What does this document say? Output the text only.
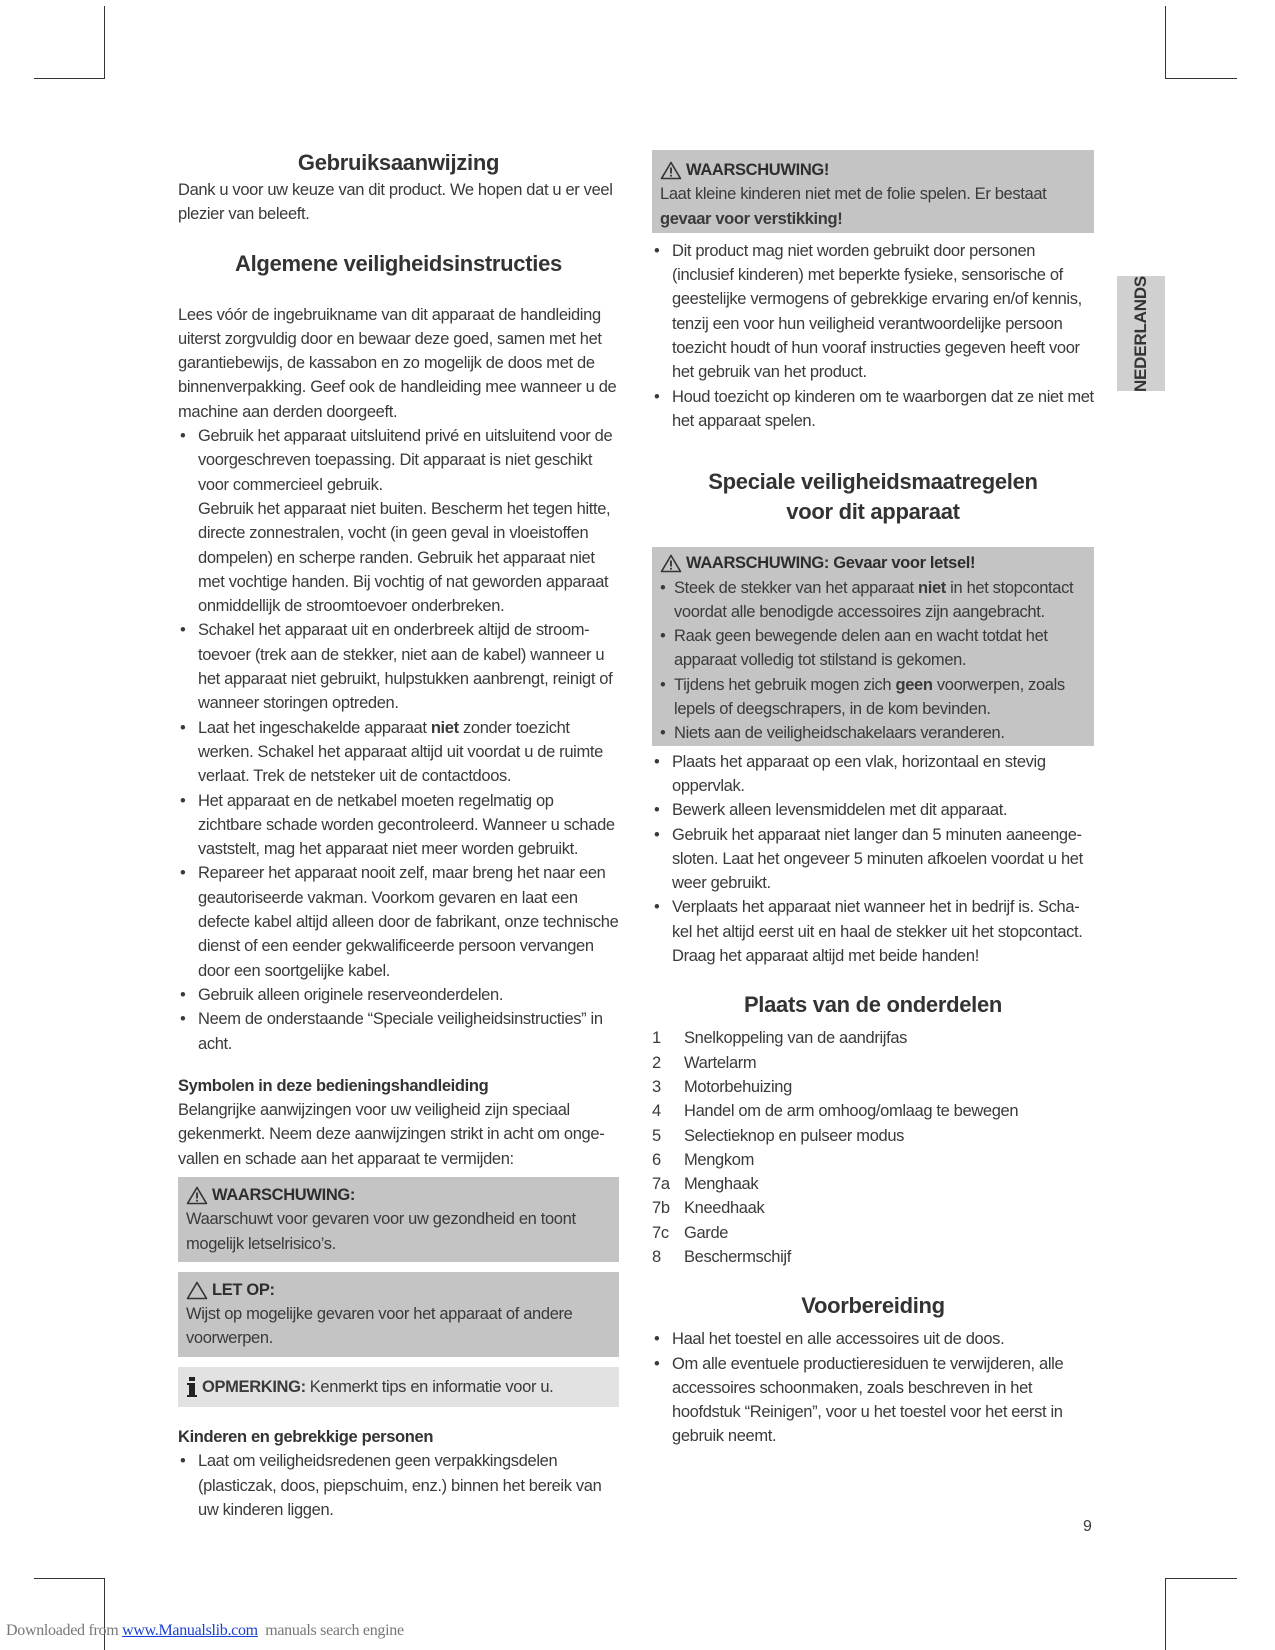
Gebruiksaanwijzing

Dank u voor uw keuze van dit product. We hopen dat u er veel plezier van beleeft.

Algemene veiligheidsinstructies

Lees vóór de ingebruikname van dit apparaat de handleiding uiterst zorgvuldig door en bewaar deze goed, samen met het garantiebewijs, de kassabon en zo mogelijk de doos met de binnenverpakking. Geef ook de handleiding mee wanneer u de machine aan derden doorgeeft.

• Gebruik het apparaat uitsluitend privé en uitsluitend voor de voorgeschreven toepassing. Dit apparaat is niet geschikt voor commercieel gebruik.
Gebruik het apparaat niet buiten. Bescherm het tegen hitte, directe zonnestralen, vocht (in geen geval in vloeistoffen dompelen) en scherpe randen. Gebruik het apparaat niet met vochtige handen. Bij vochtig of nat geworden apparaat onmiddellijk de stroomtoevoer onderbreken.
• Schakel het apparaat uit en onderbreek altijd de stroom-toevoer (trek aan de stekker, niet aan de kabel) wanneer u het apparaat niet gebruikt, hulpstukken aanbrengt, reinigt of wanneer storingen optreden.
• Laat het ingeschakelde apparaat niet zonder toezicht werken. Schakel het apparaat altijd uit voordat u de ruimte verlaat. Trek de netsteker uit de contactdoos.
• Het apparaat en de netkabel moeten regelmatig op zichtbare schade worden gecontroleerd. Wanneer u schade vaststelt, mag het apparaat niet meer worden gebruikt.
• Repareer het apparaat nooit zelf, maar breng het naar een geautoriseerde vakman. Voorkom gevaren en laat een defecte kabel altijd alleen door de fabrikant, onze technische dienst of een eender gekwalificeerde persoon vervangen door een soortgelijke kabel.
• Gebruik alleen originele reserveonderdelen.
• Neem de onderstaande “Speciale veiligheidsinstructies” in acht.
Symbolen in deze bedieningshandleiding

Belangrijke aanwijzingen voor uw veiligheid zijn speciaal gekenmerkt. Neem deze aanwijzingen strikt in acht om onge-vallen en schade aan het apparaat te vermijden:

WAARSCHUWING:

Waarschuwt voor gevaren voor uw gezondheid en toont mogelijk letselrisico’s.

LET OP:

Wijst op mogelijke gevaren voor het apparaat of andere voorwerpen.

OPMERKING: Kenmerkt tips en informatie voor u.
Kinderen en gebrekkige personen
• Laat om veiligheidsredenen geen verpakkingsdelen (plasticzak, doos, piepschuim, enz.) binnen het bereik van uw kinderen liggen.
WAARSCHUWING!

Laat kleine kinderen niet met de folie spelen. Er bestaat gevaar voor verstikking!

• Dit product mag niet worden gebruikt door personen (inclusief kinderen) met beperkte fysieke, sensorische of geestelijke vermogens of gebrekkige ervaring en/of kennis, tenzij een voor hun veiligheid verantwoordelijke persoon toezicht houdt of hun vooraf instructies gegeven heeft voor het gebruik van het product.
• Houd toezicht op kinderen om te waarborgen dat ze niet met het apparaat spelen.
Speciale veiligheidsmaatregelen
voor dit apparaat
WAARSCHUWING: Gevaar voor letsel!
• Steek de stekker van het apparaat niet in het stopcontact voordat alle benodigde accessoires zijn aangebracht.
• Raak geen bewegende delen aan en wacht totdat het apparaat volledig tot stilstand is gekomen.
• Tijdens het gebruik mogen zich geen voorwerpen, zoals lepels of deegschrapers, in de kom bevinden.
• Niets aan de veiligheidschakelaars veranderen.
• Plaats het apparaat op een vlak, horizontaal en stevig oppervlak.
• Bewerk alleen levensmiddelen met dit apparaat.
• Gebruik het apparaat niet langer dan 5 minuten aaneenge-sloten. Laat het ongeveer 5 minuten afkoelen voordat u het weer gebruikt.
• Verplaats het apparaat niet wanneer het in bedrijf is. Scha-kel het altijd eerst uit en haal de stekker uit het stopcontact. Draag het apparaat altijd met beide handen!
Plaats van de onderdelen
1	Snelkoppeling van de aandrijfas
2	Wartelarm
3	Motorbehuizing
4	Handel om de arm omhoog/omlaag te bewegen
5	Selectieknop en pulseer modus
6	Mengkom
7a Menghaak
7b Kneedhaak
7c Garde
8	Beschermschijf
Voorbereiding
• Haal het toestel en alle accessoires uit de doos.
• Om alle eventuele productieresiduen te verwijderen, alle accessoires schoonmaken, zoals beschreven in het hoofdstuk “Reinigen”, voor u het toestel voor het eerst in gebruik neemt.
NEDERLANDS
9
Downloaded from www.Manualslib.com  manuals search engine
